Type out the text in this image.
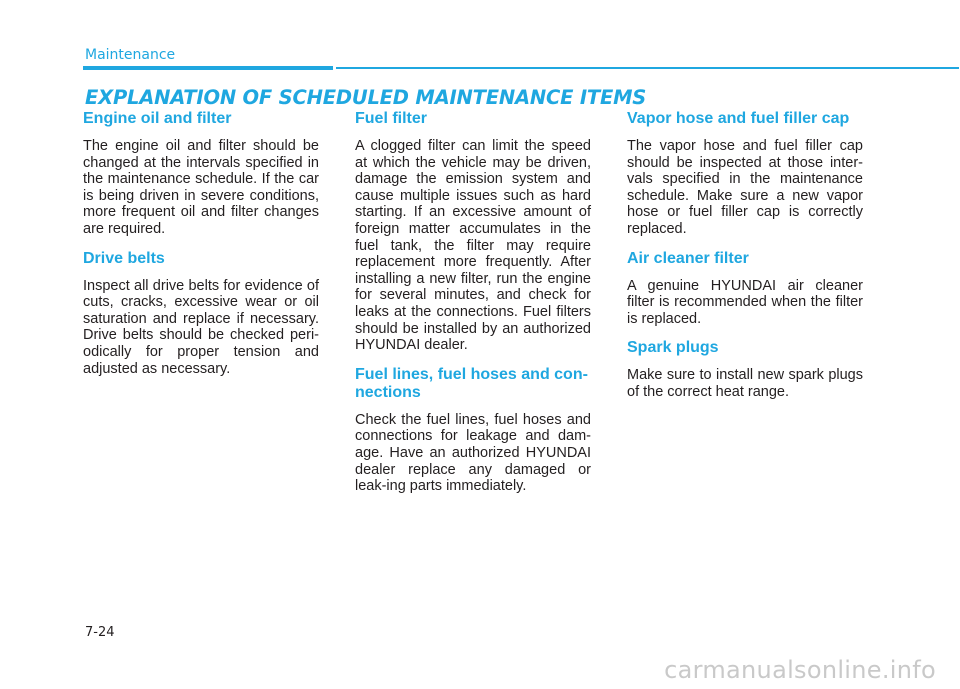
Maintenance
EXPLANATION OF SCHEDULED MAINTENANCE ITEMS
Engine oil and filter

The engine oil and filter should be changed at the intervals specified in the maintenance schedule. If the car is being driven in severe conditions, more frequent oil and filter changes are required.

Drive belts

Inspect all drive belts for evidence of cuts, cracks, excessive wear or oil saturation and replace if necessary. Drive belts should be checked peri-odically for proper tension and adjusted as necessary.

Fuel filter

A clogged filter can limit the speed at which the vehicle may be driven, damage the emission system and cause multiple issues such as hard starting. If an excessive amount of foreign matter accumulates in the fuel tank, the filter may require replacement more frequently. After installing a new filter, run the engine for several minutes, and check for leaks at the connections. Fuel filters should be installed by an authorized HYUNDAI dealer.

Fuel lines, fuel hoses and con-nections

Check the fuel lines, fuel hoses and connections for leakage and dam-age. Have an authorized HYUNDAI dealer replace any damaged or leak-ing parts immediately.

Vapor hose and fuel filler cap

The vapor hose and fuel filler cap should be inspected at those inter-vals specified in the maintenance schedule. Make sure a new vapor hose or fuel filler cap is correctly replaced.

Air cleaner filter

A genuine HYUNDAI air cleaner filter is recommended when the filter is replaced.

Spark plugs

Make sure to install new spark plugs of the correct heat range.

7-24
carmanualsonline.info
